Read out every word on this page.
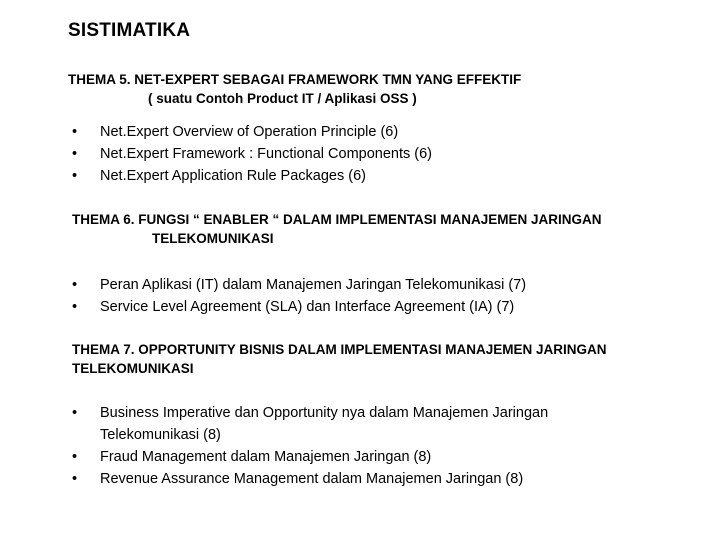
SISTIMATIKA
THEMA 5. NET-EXPERT SEBAGAI FRAMEWORK TMN YANG EFFEKTIF
( suatu Contoh Product IT / Aplikasi OSS )
• Net.Expert Overview of Operation Principle (6)
• Net.Expert Framework : Functional Components (6)
• Net.Expert Application Rule Packages (6)
THEMA 6. FUNGSI “ ENABLER “ DALAM IMPLEMENTASI MANAJEMEN JARINGAN
TELEKOMUNIKASI
• Peran Aplikasi (IT) dalam Manajemen Jaringan Telekomunikasi (7)
• Service Level Agreement (SLA) dan Interface Agreement (IA) (7)
THEMA 7. OPPORTUNITY BISNIS DALAM IMPLEMENTASI MANAJEMEN JARINGAN
TELEKOMUNIKASI
• Business Imperative dan Opportunity nya dalam Manajemen Jaringan
Telekomunikasi (8)
• Fraud Management dalam Manajemen Jaringan (8)
• Revenue Assurance Management dalam Manajemen Jaringan (8)
